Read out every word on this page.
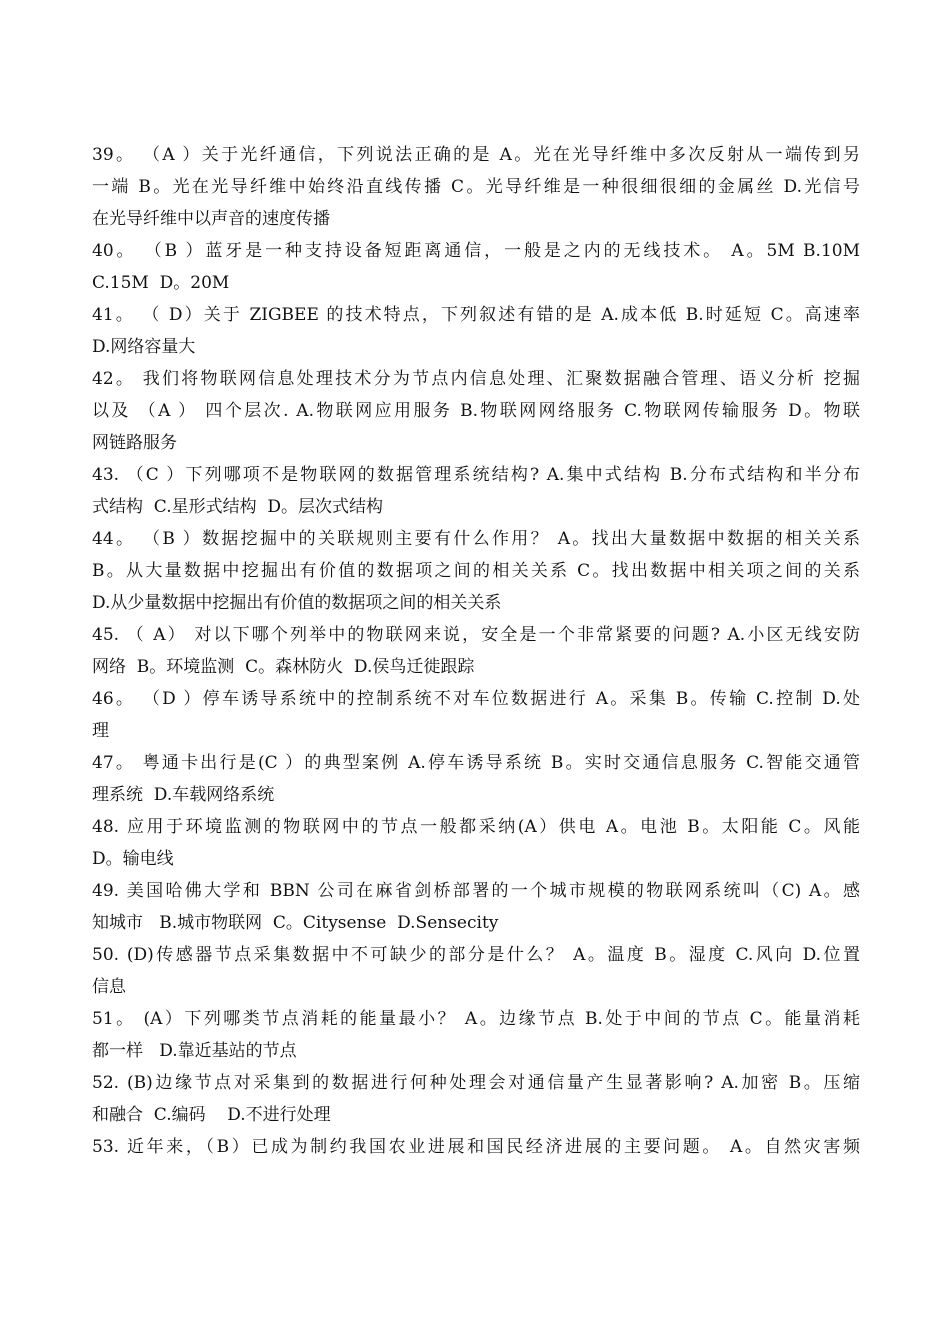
39。 （A ）关于光纤通信，下列说法正确的是 A。光在光导纤维中多次反射从一端传到另
一端 B。光在光导纤维中始终沿直线传播 C。光导纤维是一种很细很细的金属丝 D.光信号
在光导纤维中以声音的速度传播
40。 （B ）蓝牙是一种支持设备短距离通信，一般是之内的无线技术。 A。5M B.10M
C.15M  D。20M
41。 （ D）关于 ZIGBEE 的技术特点，下列叙述有错的是 A.成本低 B.时延短 C。高速率
D.网络容量大
42。 我们将物联网信息处理技术分为节点内信息处理、汇聚数据融合管理、语义分析 挖掘
以及 （A ） 四个层次. A.物联网应用服务 B.物联网网络服务 C.物联网传输服务 D。物联
网链路服务
43. （C ）下列哪项不是物联网的数据管理系统结构? A.集中式结构 B.分布式结构和半分布
式结构  C.星形式结构  D。层次式结构
44。 （B ）数据挖掘中的关联规则主要有什么作用？ A。找出大量数据中数据的相关关系
B。从大量数据中挖掘出有价值的数据项之间的相关关系 C。找出数据中相关项之间的关系
D.从少量数据中挖掘出有价值的数据项之间的相关关系
45. （ A） 对以下哪个列举中的物联网来说，安全是一个非常紧要的问题? A.小区无线安防
网络  B。环境监测  C。森林防火  D.侯鸟迁徙跟踪
46。 （D ）停车诱导系统中的控制系统不对车位数据进行 A。采集 B。传输 C.控制 D.处
理
47。 粤通卡出行是(C ）的典型案例 A.停车诱导系统 B。实时交通信息服务 C.智能交通管
理系统  D.车载网络系统
48. 应用于环境监测的物联网中的节点一般都采纳(A）供电 A。电池 B。太阳能 C。风能
D。输电线
49. 美国哈佛大学和 BBN 公司在麻省剑桥部署的一个城市规模的物联网系统叫（C) A。感
知城市   B.城市物联网  C。Citysense  D.Sensecity
50. (D)传感器节点采集数据中不可缺少的部分是什么？ A。温度 B。湿度 C.风向 D.位置
信息
51。 (A）下列哪类节点消耗的能量最小？ A。边缘节点 B.处于中间的节点 C。能量消耗
都一样   D.靠近基站的节点
52. (B)边缘节点对采集到的数据进行何种处理会对通信量产生显著影响? A.加密 B。压缩
和融合  C.编码    D.不进行处理
53. 近年来，（B）已成为制约我国农业进展和国民经济进展的主要问题。 A。自然灾害频
